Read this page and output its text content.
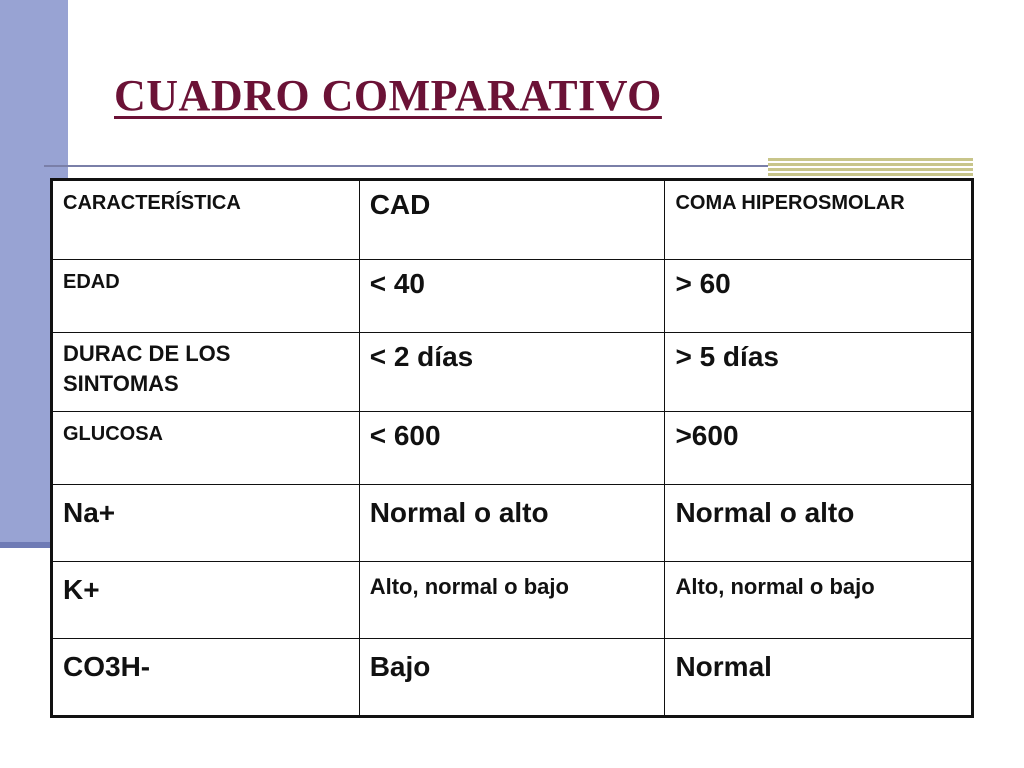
CUADRO COMPARATIVO
CARACTERÍSTICA	CAD	COMA HIPEROSMOLAR
EDAD	< 40	> 60
DURAC DE LOS SINTOMAS	< 2 días	> 5 días
GLUCOSA	< 600	>600
Na+	Normal o alto	Normal o alto
K+	Alto, normal o bajo	Alto, normal o bajo
CO3H-	Bajo	Normal
